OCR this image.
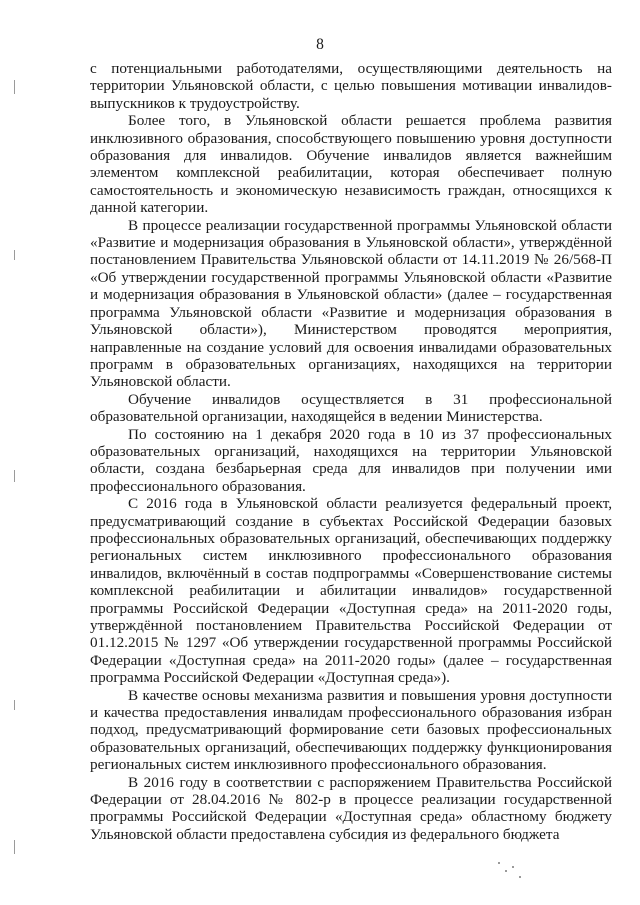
8

с потенциальными работодателями, осуществляющими деятельность на территории Ульяновской области, с целью повышения мотивации инвалидов-выпускников к трудоустройству.

Более того, в Ульяновской области решается проблема развития инклюзивного образования, способствующего повышению уровня доступности образования для инвалидов. Обучение инвалидов является важнейшим элементом комплексной реабилитации, которая обеспечивает полную самостоятельность и экономическую независимость граждан, относящихся к данной категории.

В процессе реализации государственной программы Ульяновской области «Развитие и модернизация образования в Ульяновской области», утверждённой постановлением Правительства Ульяновской области от 14.11.2019 № 26/568-П «Об утверждении государственной программы Ульяновской области «Развитие и модернизация образования в Ульяновской области» (далее – государственная программа Ульяновской области «Развитие и модернизация образования в Ульяновской области»), Министерством проводятся мероприятия, направленные на создание условий для освоения инвалидами образовательных программ в образовательных организациях, находящихся на территории Ульяновской области.

Обучение инвалидов осуществляется в 31 профессиональной образовательной организации, находящейся в ведении Министерства.

По состоянию на 1 декабря 2020 года в 10 из 37 профессиональных образовательных организаций, находящихся на территории Ульяновской области, создана безбарьерная среда для инвалидов при получении ими профессионального образования.

С 2016 года в Ульяновской области реализуется федеральный проект, предусматривающий создание в субъектах Российской Федерации базовых профессиональных образовательных организаций, обеспечивающих поддержку региональных систем инклюзивного профессионального образования инвалидов, включённый в состав подпрограммы «Совершенствование системы комплексной реабилитации и абилитации инвалидов» государственной программы Российской Федерации «Доступная среда» на 2011-2020 годы, утверждённой постановлением Правительства Российской Федерации от 01.12.2015 № 1297 «Об утверждении государственной программы Российской Федерации «Доступная среда» на 2011-2020 годы» (далее – государственная программа Российской Федерации «Доступная среда»).

В качестве основы механизма развития и повышения уровня доступности и качества предоставления инвалидам профессионального образования избран подход, предусматривающий формирование сети базовых профессиональных образовательных организаций, обеспечивающих поддержку функционирования региональных систем инклюзивного профессионального образования.

В 2016 году в соответствии с распоряжением Правительства Российской Федерации от 28.04.2016 № 802-р в процессе реализации государственной программы Российской Федерации «Доступная среда» областному бюджету Ульяновской области предоставлена субсидия из федерального бюджета
